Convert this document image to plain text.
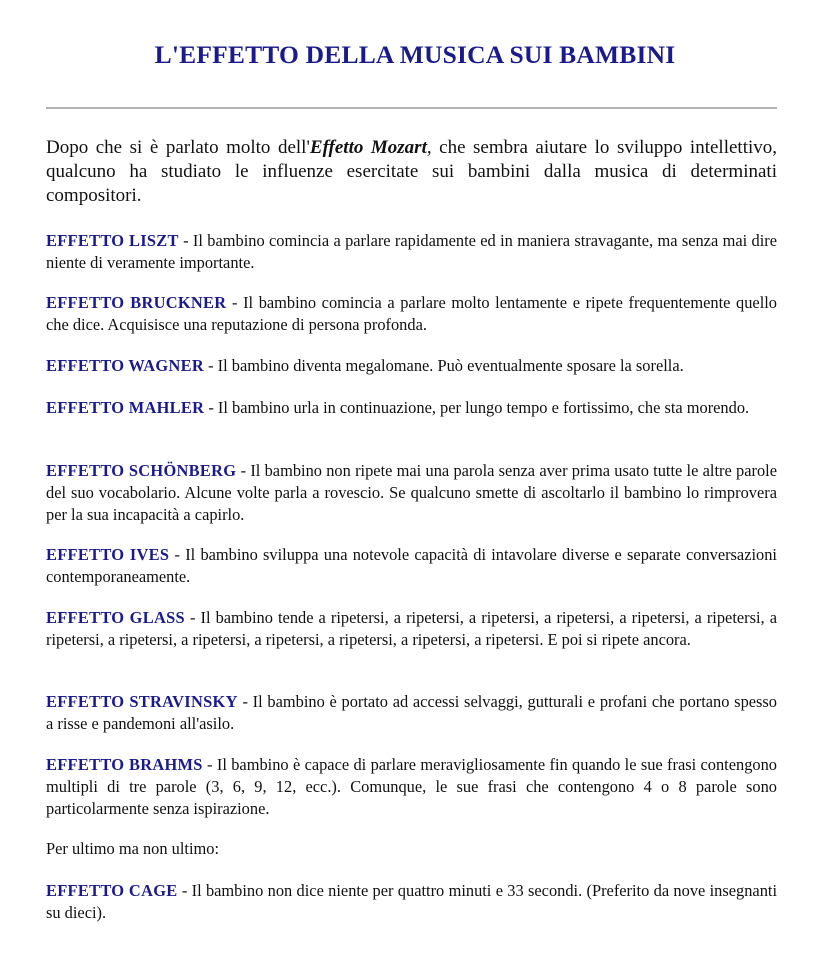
L'EFFETTO DELLA MUSICA SUI BAMBINI

Dopo che si è parlato molto dell'Effetto Mozart, che sembra aiutare lo sviluppo intellettivo, qualcuno ha studiato le influenze esercitate sui bambini dalla musica di determinati compositori.

EFFETTO LISZT - Il bambino comincia a parlare rapidamente ed in maniera stravagante, ma senza mai dire niente di veramente importante.

EFFETTO BRUCKNER - Il bambino comincia a parlare molto lentamente e ripete frequentemente quello che dice. Acquisisce una reputazione di persona profonda.

EFFETTO WAGNER - Il bambino diventa megalomane. Può eventualmente sposare la sorella.

EFFETTO MAHLER - Il bambino urla in continuazione, per lungo tempo e fortissimo, che sta morendo.

EFFETTO SCHÖNBERG - Il bambino non ripete mai una parola senza aver prima usato tutte le altre parole del suo vocabolario. Alcune volte parla a rovescio. Se qualcuno smette di ascoltarlo il bambino lo rimprovera per la sua incapacità a capirlo.

EFFETTO IVES - Il bambino sviluppa una notevole capacità di intavolare diverse e separate conversazioni contemporaneamente.

EFFETTO GLASS - Il bambino tende a ripetersi, a ripetersi, a ripetersi, a ripetersi, a ripetersi, a ripetersi, a ripetersi, a ripetersi, a ripetersi, a ripetersi, a ripetersi, a ripetersi, a ripetersi. E poi si ripete ancora.

EFFETTO STRAVINSKY - Il bambino è portato ad accessi selvaggi, gutturali e profani che portano spesso a risse e pandemoni all'asilo.

EFFETTO BRAHMS - Il bambino è capace di parlare meravigliosamente fin quando le sue frasi contengono multipli di tre parole (3, 6, 9, 12, ecc.). Comunque, le sue frasi che contengono 4 o 8 parole sono particolarmente senza ispirazione.

Per ultimo ma non ultimo:

EFFETTO CAGE - Il bambino non dice niente per quattro minuti e 33 secondi. (Preferito da nove insegnanti su dieci).
